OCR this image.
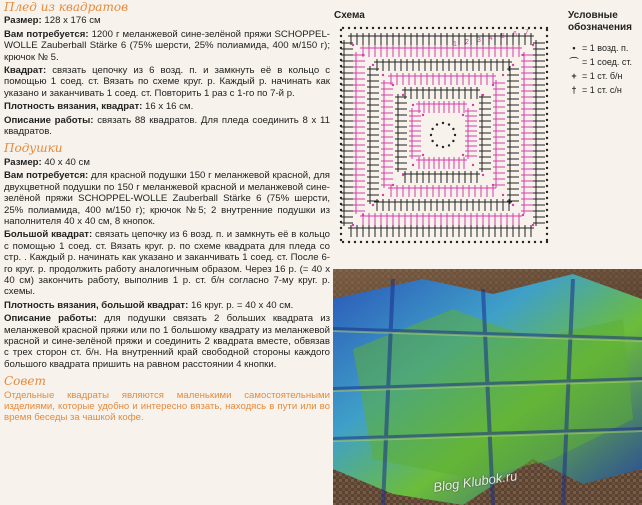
Плед из квадратов
Размер: 128 x 176 см
Вам потребуется: 1200 г меланжевой сине-зелёной пряжи SCHOPPEL-WOLLE Zauberball Stärke 6 (75% шерсти, 25% полиамида, 400 м/150 г); крючок № 5.
Квадрат: связать цепочку из 6 возд. п. и замкнуть её в кольцо с помощью 1 соед. ст. Вязать по схеме круг. р. Каждый р. начинать как указано и заканчивать 1 соед. ст. Повторить 1 раз с 1-го по 7-й р.
Плотность вязания, квадрат: 16 x 16 см.
Описание работы: связать 88 квадратов. Для пледа соединить 8 х 11 квадратов.
Подушки
Размер: 40 x 40 см
Вам потребуется: для красной подушки 150 г меланжевой красной, для двухцветной подушки по 150 г меланжевой красной и меланжевой сине-зелёной пряжи SCHOPPEL-WOLLE Zauberball Stärke 6 (75% шерсти, 25% полиамида, 400 м/150 г); крючок №5; 2 внутренние подушки из наполнителя 40 x 40 см, 8 кнопок.
Большой квадрат: связать цепочку из 6 возд. п. и замкнуть её в кольцо с помощью 1 соед. ст. Вязать круг. р. по схеме квадрата для пледа со стр. . Каждый р. начинать как указано и заканчивать 1 соед. ст. После 6-го круг. р. продолжить работу аналогичным образом. Через 16 р. (= 40 x 40 см) закончить работу, выполнив 1 р. ст. б/н согласно 7-му круг. р. схемы.
Плотность вязания, большой квадрат: 16 круг. р. = 40 x 40 см.
Описание работы: для подушки связать 2 больших квадрата из меланжевой красной пряжи или по 1 большому квадрату из меланжевой красной и сине-зелёной пряжи и соединить 2 квадрата вместе, обвязав с трех сторон ст. б/н. На внутренний край свободной стороны каждого большого квадрата пришить на равном расстоянии 4 кнопки.
Совет
Отдельные квадраты являются маленькими самостоятельными изделиями, которые удобно и интересно вязать, находясь в пути или во время беседы за чашкой кофе.
Схема
1 2 3 4 5 6 7
Условные
обозначения
• = 1 возд. п.
⌒ = 1 соед. ст.
+ = 1 ст. б/н
† = 1 ст. с/н
Blog Klubok.ru
